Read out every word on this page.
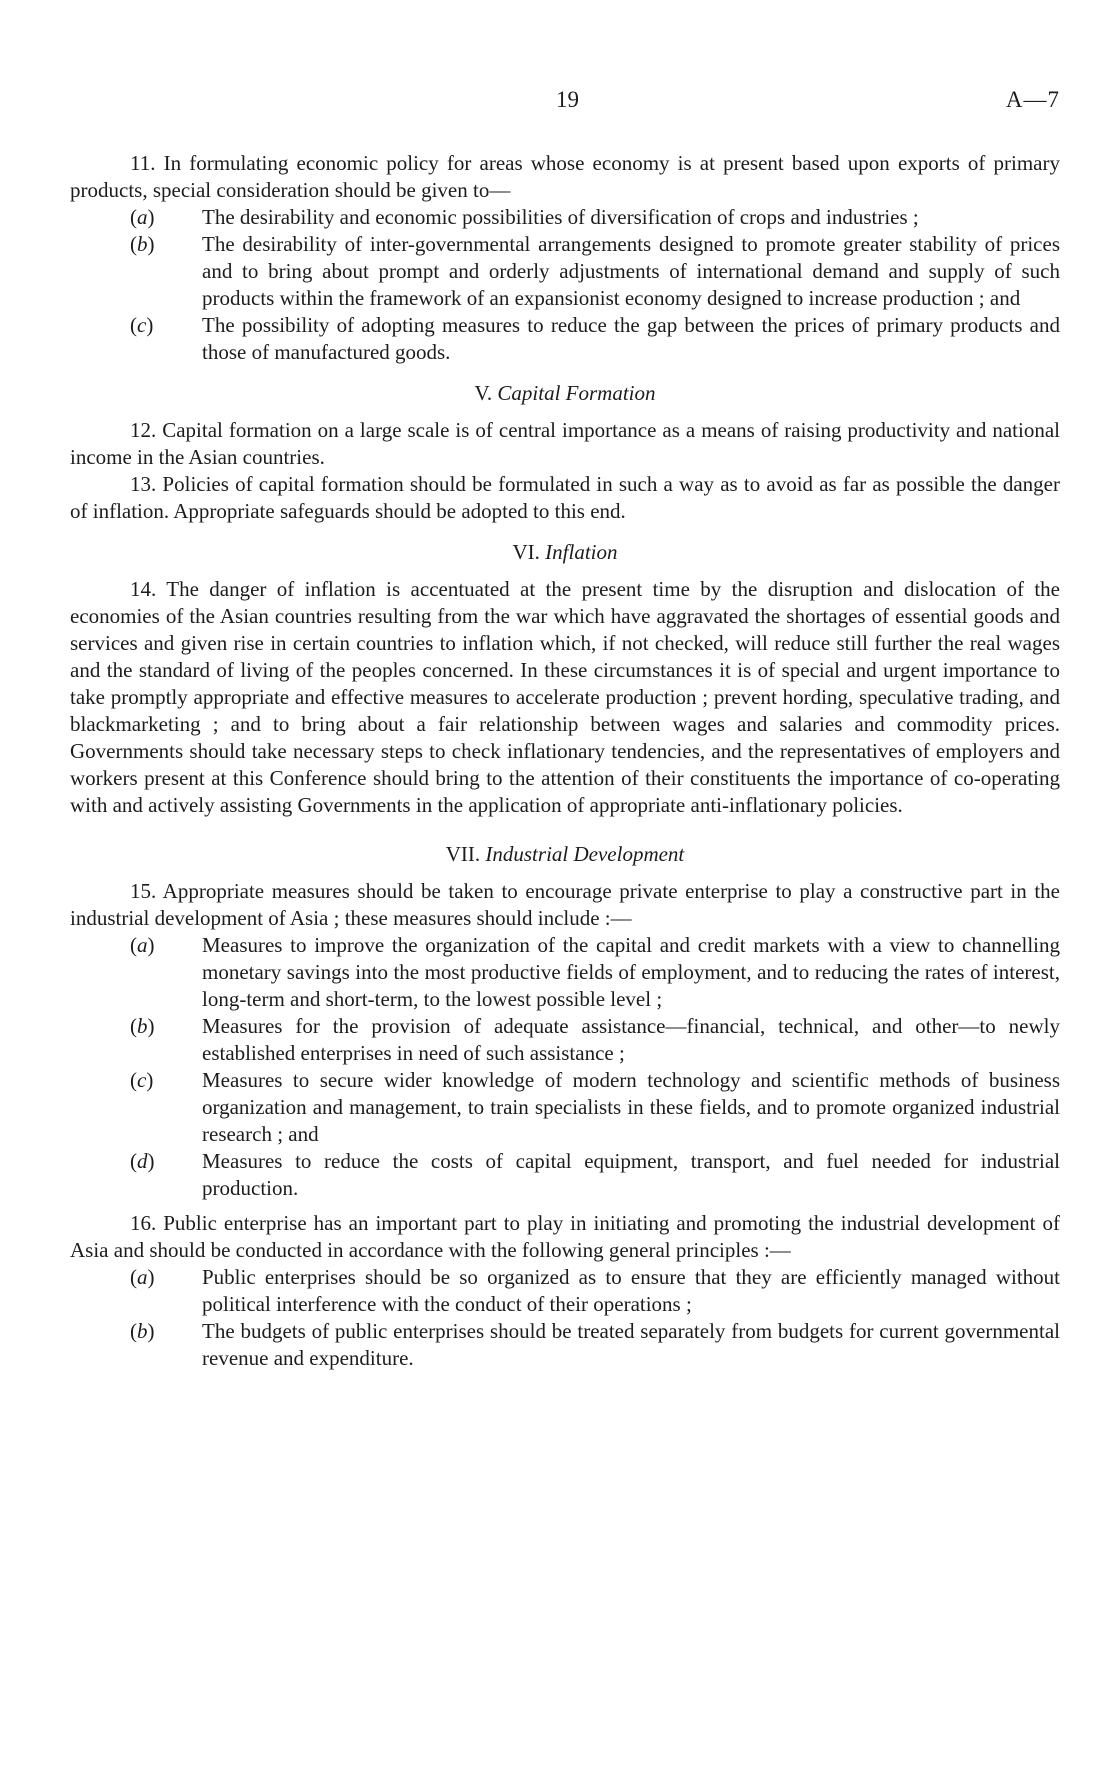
19	A—7

11. In formulating economic policy for areas whose economy is at present based upon exports of primary products, special consideration should be given to—

(a) The desirability and economic possibilities of diversification of crops and industries ;
(b) The desirability of inter-governmental arrangements designed to promote greater stability of prices and to bring about prompt and orderly adjustments of international demand and supply of such products within the framework of an expansionist economy designed to increase production ; and
(c) The possibility of adopting measures to reduce the gap between the prices of primary products and those of manufactured goods.
V. Capital Formation

12. Capital formation on a large scale is of central importance as a means of raising productivity and national income in the Asian countries.

13. Policies of capital formation should be formulated in such a way as to avoid as far as possible the danger of inflation. Appropriate safeguards should be adopted to this end.

VI. Inflation

14. The danger of inflation is accentuated at the present time by the disruption and dislocation of the economies of the Asian countries resulting from the war which have aggravated the shortages of essential goods and services and given rise in certain countries to inflation which, if not checked, will reduce still further the real wages and the standard of living of the peoples concerned. In these circumstances it is of special and urgent importance to take promptly appropriate and effective measures to accelerate production ; prevent hording, speculative trading, and blackmarketing ; and to bring about a fair relationship between wages and salaries and commodity prices. Governments should take necessary steps to check inflationary tendencies, and the representatives of employers and workers present at this Conference should bring to the attention of their constituents the importance of co-operating with and actively assisting Governments in the application of appropriate anti-inflationary policies.

VII. Industrial Development

15. Appropriate measures should be taken to encourage private enterprise to play a constructive part in the industrial development of Asia ; these measures should include :—

(a) Measures to improve the organization of the capital and credit markets with a view to channelling monetary savings into the most productive fields of employment, and to reducing the rates of interest, long-term and short-term, to the lowest possible level ;
(b) Measures for the provision of adequate assistance—financial, technical, and other—to newly established enterprises in need of such assistance ;
(c) Measures to secure wider knowledge of modern technology and scientific methods of business organization and management, to train specialists in these fields, and to promote organized industrial research ; and
(d) Measures to reduce the costs of capital equipment, transport, and fuel needed for industrial production.

16. Public enterprise has an important part to play in initiating and promoting the industrial development of Asia and should be conducted in accordance with the following general principles :—

(a) Public enterprises should be so organized as to ensure that they are efficiently managed without political interference with the conduct of their operations ;
(b) The budgets of public enterprises should be treated separately from budgets for current governmental revenue and expenditure.
